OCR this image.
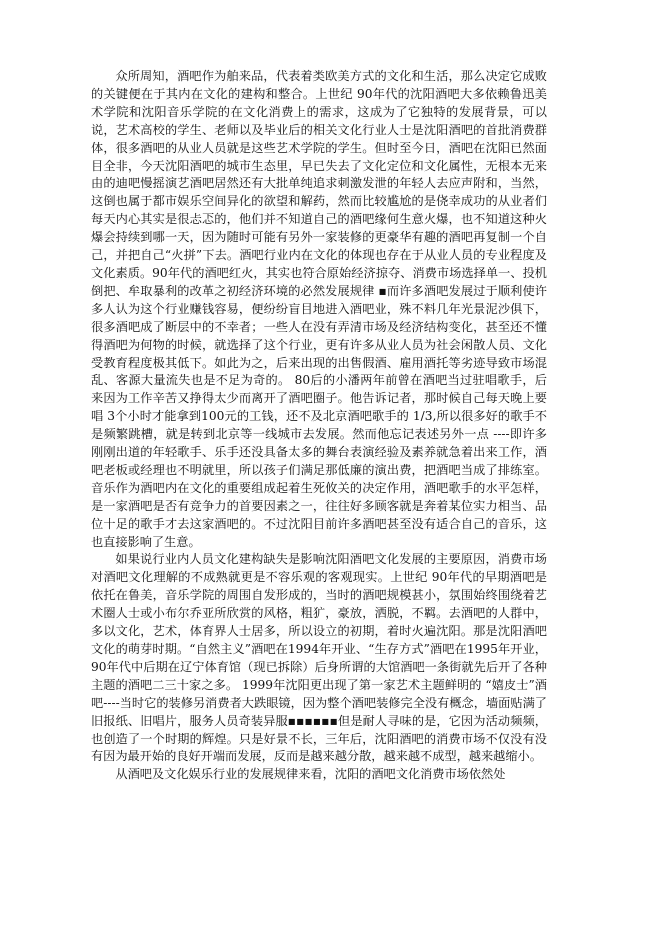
众所周知，酒吧作为舶来品，代表着类欧美方式的文化和生活，那么决定它成败的关键便在于其内在文化的建构和整合。上世纪 90年代的沈阳酒吧大多依赖鲁迅美术学院和沈阳音乐学院的在文化消费上的需求，这成为了它独特的发展背景，可以说，艺术高校的学生、老师以及毕业后的相关文化行业人士是沈阳酒吧的首批消费群体，很多酒吧的从业人员就是这些艺术学院的学生。但时至今日，酒吧在沈阳已然面目全非，今天沈阳酒吧的城市生态里，早已失去了文化定位和文化属性，无根本无来由的迪吧慢摇演艺酒吧居然还有大批单纯追求刺激发泄的年轻人去应声附和，当然，这倒也属于都市娱乐空间异化的欲望和解药，然而比较尴尬的是侥幸成功的从业者们每天内心其实是很忐忑的，他们并不知道自己的酒吧缘何生意火爆，也不知道这种火爆会持续到哪一天，因为随时可能有另外一家装修的更豪华有趣的酒吧再复制一个自己，并把自己“火拼”下去。酒吧行业内在文化的体现也存在于从业人员的专业程度及文化素质。90年代的酒吧红火，其实也符合原始经济掠夺、消费市场选择单一、投机倒把、牟取暴利的改革之初经济环境的必然发展规律 ▪而许多酒吧发展过于顺利使许多人认为这个行业赚钱容易，便纷纷盲目地进入酒吧业，殊不料几年光景泥沙俱下，很多酒吧成了断层中的不幸者；一些人在没有弄清市场及经济结构变化，甚至还不懂得酒吧为何物的时候，就选择了这个行业，更有许多从业人员为社会闲散人员、文化受教育程度极其低下。如此为之，后来出现的出售假酒、雇用酒托等劣迹导致市场混乱、客源大量流失也是不足为奇的。 80后的小潘两年前曾在酒吧当过驻唱歌手，后来因为工作辛苦又挣得太少而离开了酒吧圈子。他告诉记者，那时候自己每天晚上要唱 3个小时才能拿到100元的工钱，还不及北京酒吧歌手的 1/3,所以很多好的歌手不是频繁跳槽，就是转到北京等一线城市去发展。然而他忘记表述另外一点 ----即许多刚刚出道的年轻歌手、乐手还没具备太多的舞台表演经验及素养就急着出来工作，酒吧老板或经理也不明就里，所以孩子们满足那低廉的演出费，把酒吧当成了排练室。音乐作为酒吧内在文化的重要组成起着生死攸关的决定作用，酒吧歌手的水平怎样，是一家酒吧是否有竞争力的首要因素之一，往往好多顾客就是奔着某位实力相当、品位十足的歌手才去这家酒吧的。不过沈阳目前许多酒吧甚至没有适合自己的音乐，这也直接影响了生意。

如果说行业内人员文化建构缺失是影响沈阳酒吧文化发展的主要原因，消费市场对酒吧文化理解的不成熟就更是不容乐观的客观现实。上世纪 90年代的早期酒吧是依托在鲁美，音乐学院的周围自发形成的，当时的酒吧规模甚小，氛围始终围绕着艺术圈人士或小布尔乔亚所欣赏的风格，粗犷，豪放，洒脱，不羁。去酒吧的人群中，多以文化，艺术，体育界人士居多，所以设立的初期，着时火遍沈阳。那是沈阳酒吧文化的萌芽时期。“自然主义”酒吧在1994年开业、“生存方式”酒吧在1995年开业，90年代中后期在辽宁体育馆（现已拆除）后身所谓的大馆酒吧一条街就先后开了各种主题的酒吧二三十家之多。 1999年沈阳更出现了第一家艺术主题鲜明的 “嬉皮士”酒吧----当时它的装修另消费者大跌眼镜，因为整个酒吧装修完全没有概念，墙面贴满了旧报纸、旧唱片，服务人员奇装异服▪▪▪▪▪▪但是耐人寻味的是，它因为活动频频，也创造了一个时期的辉煌。只是好景不长，三年后，沈阳酒吧的消费市场不仅没有没有因为最开始的良好开端而发展，反而是越来越分散，越来越不成型，越来越缩小。

从酒吧及文化娱乐行业的发展规律来看，沈阳的酒吧文化消费市场依然处
